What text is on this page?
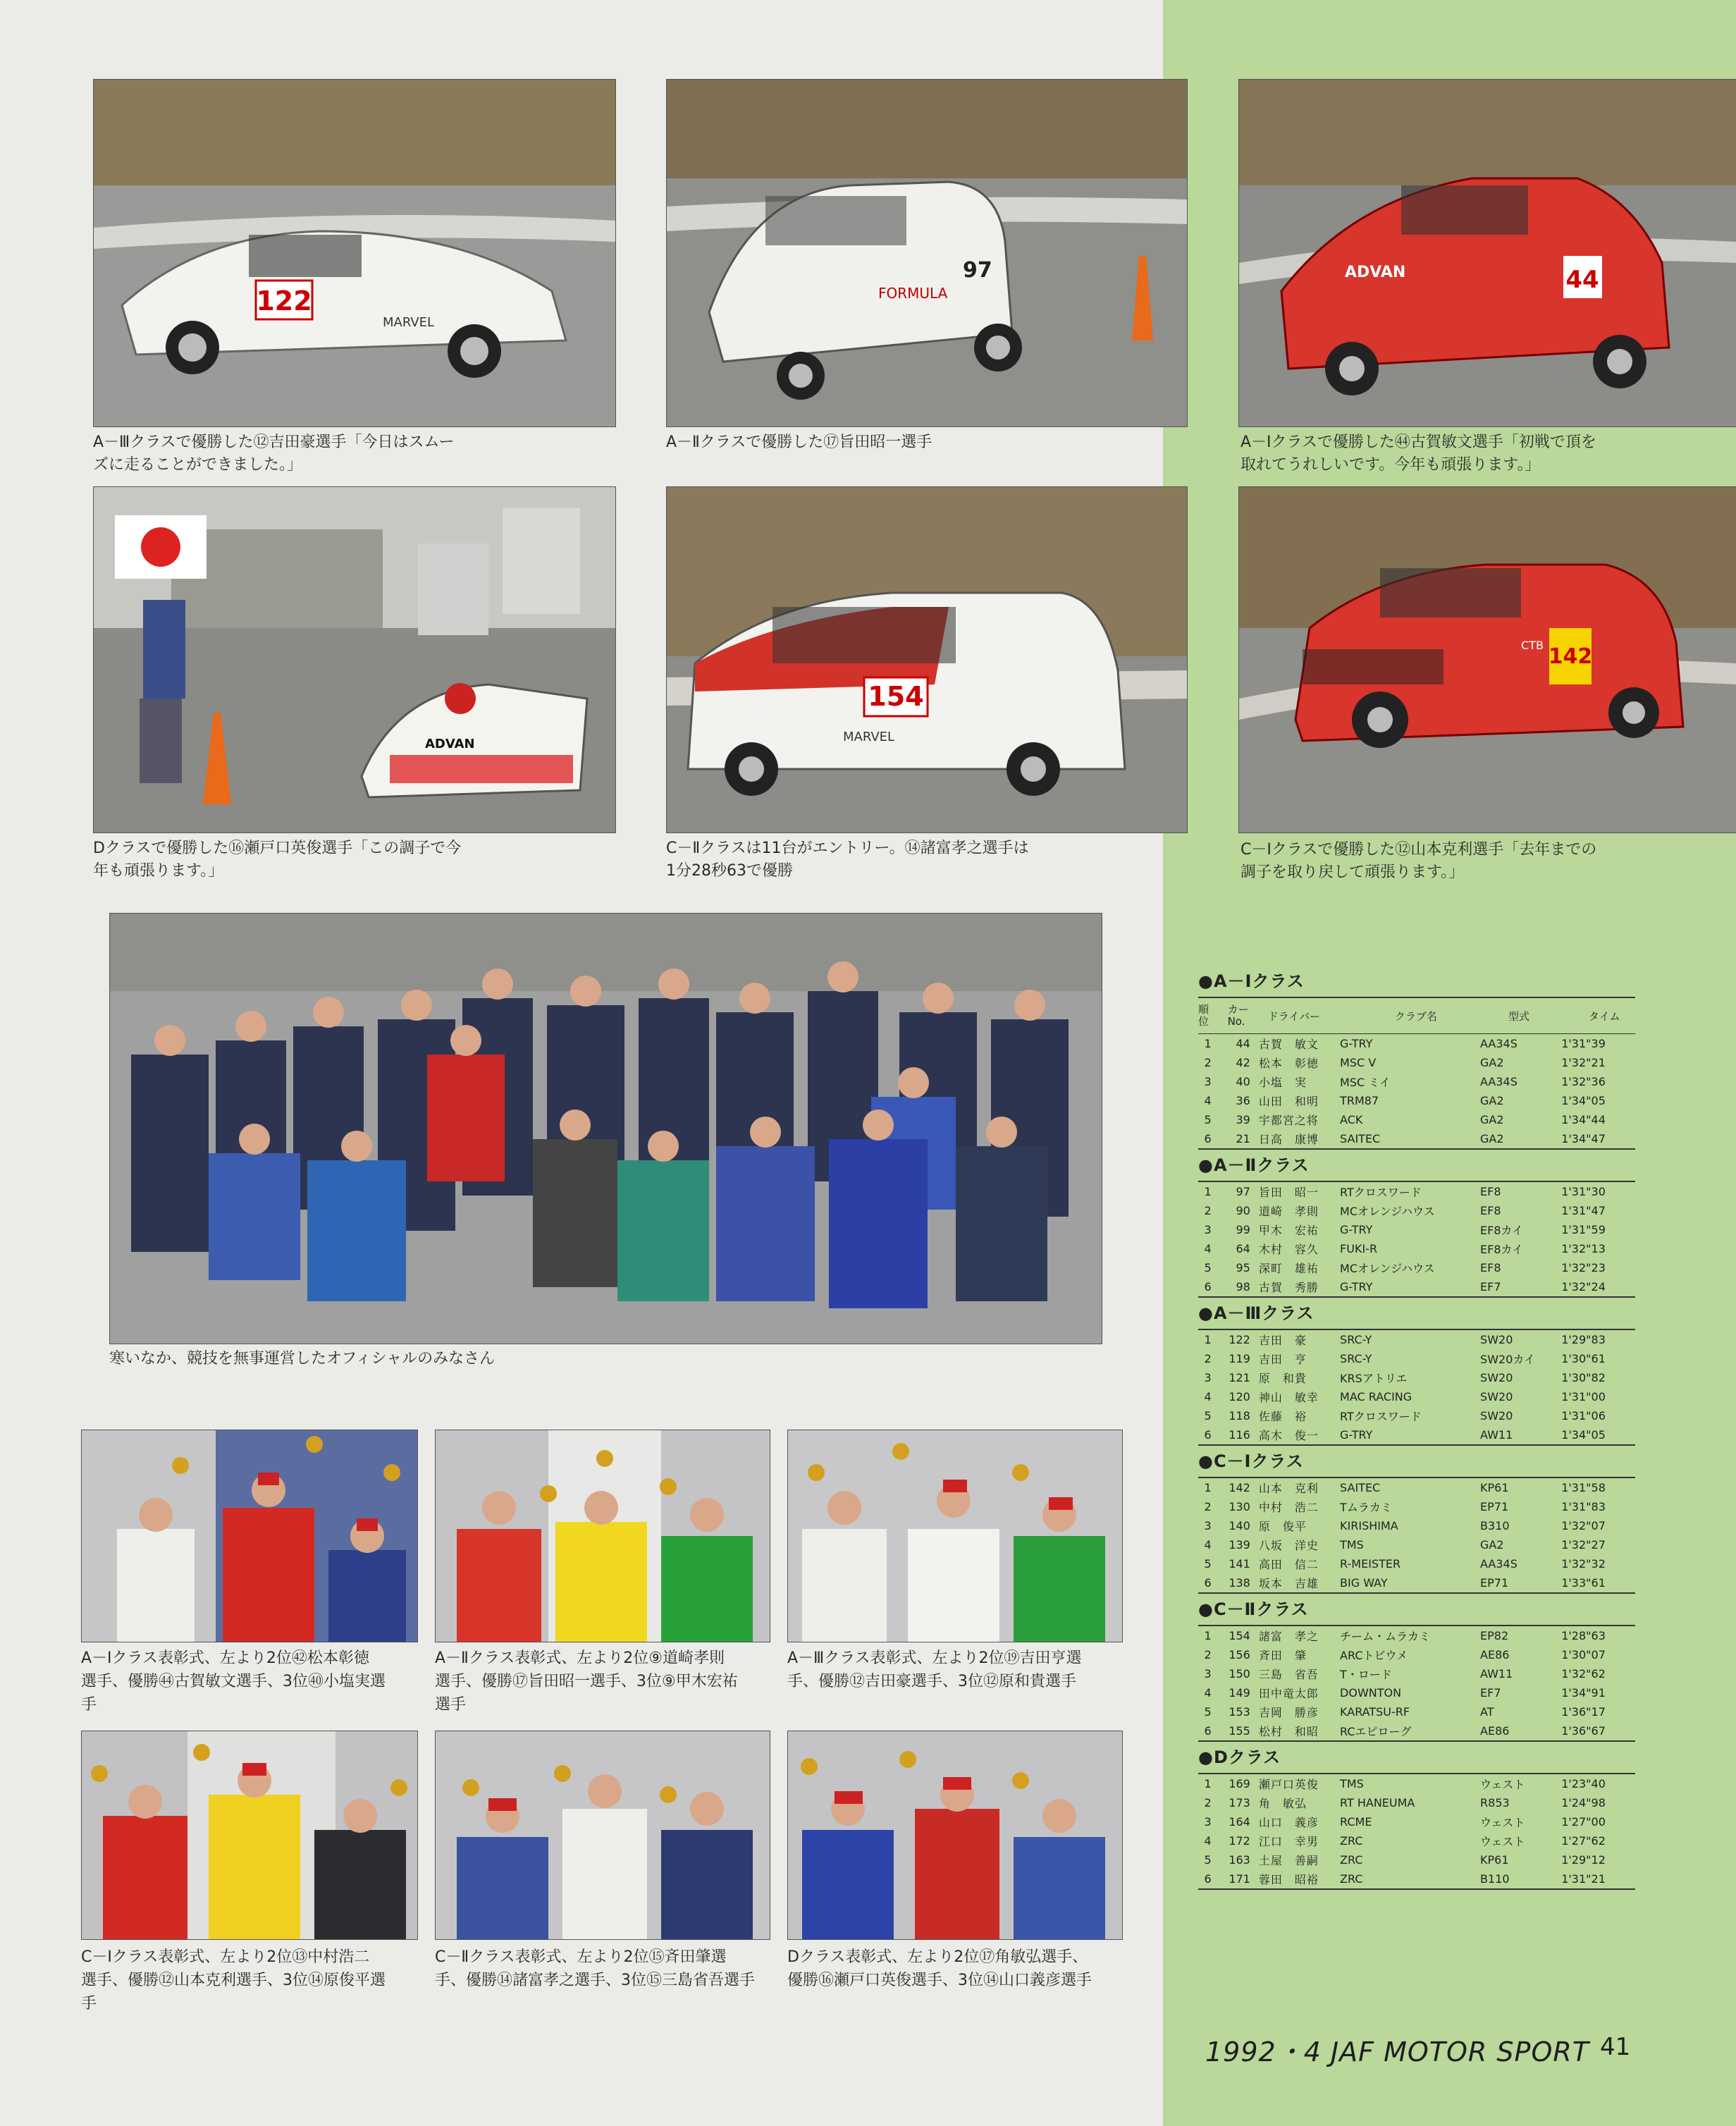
122
MARVEL
A－Ⅲクラスで優勝した⑫吉田豪選手「今日はスムー
ズに走ることができました。」
FORMULA
97
A－Ⅱクラスで優勝した⑰旨田昭一選手
44
ADVAN
A－Ⅰクラスで優勝した㊹古賀敏文選手「初戦で頂を
取れてうれしいです。今年も頑張ります。」
ADVAN
Dクラスで優勝した⑯瀬戸口英俊選手「この調子で今
年も頑張ります。」
154
MARVEL
C－Ⅱクラスは11台がエントリー。⑭諸富孝之選手は
1分28秒63で優勝
142
CTB
C－Ⅰクラスで優勝した⑫山本克利選手「去年までの
調子を取り戻して頑張ります。」
寒いなか、競技を無事運営したオフィシャルのみなさん
A－Ⅰクラス表彰式、左より2位㊷松本彰徳
選手、優勝㊹古賀敏文選手、3位㊵小塩実選
手
A－Ⅱクラス表彰式、左より2位⑨道崎孝則
選手、優勝⑰旨田昭一選手、3位⑨甲木宏祐
選手
A－Ⅲクラス表彰式、左より2位⑲吉田亨選
手、優勝⑫吉田豪選手、3位⑫原和貴選手
C－Ⅰクラス表彰式、左より2位⑬中村浩二
選手、優勝⑫山本克利選手、3位⑭原俊平選
手
C－Ⅱクラス表彰式、左より2位⑮斉田肇選
手、優勝⑭諸富孝之選手、3位⑮三島省吾選手
Dクラス表彰式、左より2位⑰角敏弘選手、
優勝⑯瀬戸口英俊選手、3位⑭山口義彦選手
●A－Ⅰクラス
順
位
カー
No.	ドライバー	クラブ名	型式	タイム
1	44	古賀　敏文	G-TRY	AA34S	1'31"39
2	42	松本　彰徳	MSC V	GA2	1'32"21
3	40	小塩　実	MSC ミイ	AA34S	1'32"36
4	36	山田　和明	TRM87	GA2	1'34"05
5	39	宇都宮之将	ACK	GA2	1'34"44
6	21	日高　康博	SAITEC	GA2	1'34"47
●A－Ⅱクラス
1	97	旨田　昭一	RTクロスワード	EF8	1'31"30
2	90	道崎　孝則	MCオレンジハウス	EF8	1'31"47
3	99	甲木　宏祐	G-TRY	EF8カイ	1'31"59
4	64	木村　容久	FUKI-R	EF8カイ	1'32"13
5	95	深町　雄祐	MCオレンジハウス	EF8	1'32"23
6	98	古賀　秀勝	G-TRY	EF7	1'32"24
●A－Ⅲクラス
1	122	吉田　豪	SRC-Y	SW20	1'29"83
2	119	吉田　亨	SRC-Y	SW20カイ	1'30"61
3	121	原　和貴	KRSアトリエ	SW20	1'30"82
4	120	神山　敏幸	MAC RACING	SW20	1'31"00
5	118	佐藤　裕	RTクロスワード	SW20	1'31"06
6	116	高木　俊一	G-TRY	AW11	1'34"05
●C－Ⅰクラス
1	142	山本　克利	SAITEC	KP61	1'31"58
2	130	中村　浩二	Tムラカミ	EP71	1'31"83
3	140	原　俊平	KIRISHIMA	B310	1'32"07
4	139	八坂　洋史	TMS	GA2	1'32"27
5	141	高田　信二	R-MEISTER	AA34S	1'32"32
6	138	坂本　吉雄	BIG WAY	EP71	1'33"61
●C－Ⅱクラス
1	154	諸富　孝之	チーム・ムラカミ	EP82	1'28"63
2	156	斉田　肇	ARCトビウメ	AE86	1'30"07
3	150	三島　省吾	T・ロード	AW11	1'32"62
4	149	田中竜太郎	DOWNTON	EF7	1'34"91
5	153	吉岡　勝彦	KARATSU-RF	AT	1'36"17
6	155	松村　和昭	RCエピローグ	AE86	1'36"67
●Dクラス
1	169	瀬戸口英俊	TMS	ウェスト	1'23"40
2	173	角　敏弘	RT HANEUMA	R853	1'24"98
3	164	山口　義彦	RCME	ウェスト	1'27"00
4	172	江口　幸男	ZRC	ウェスト	1'27"62
5	163	土屋　善嗣	ZRC	KP61	1'29"12
6	171	蓉田　昭裕	ZRC	B110	1'31"21
1992・4 JAF MOTOR SPORT 41
